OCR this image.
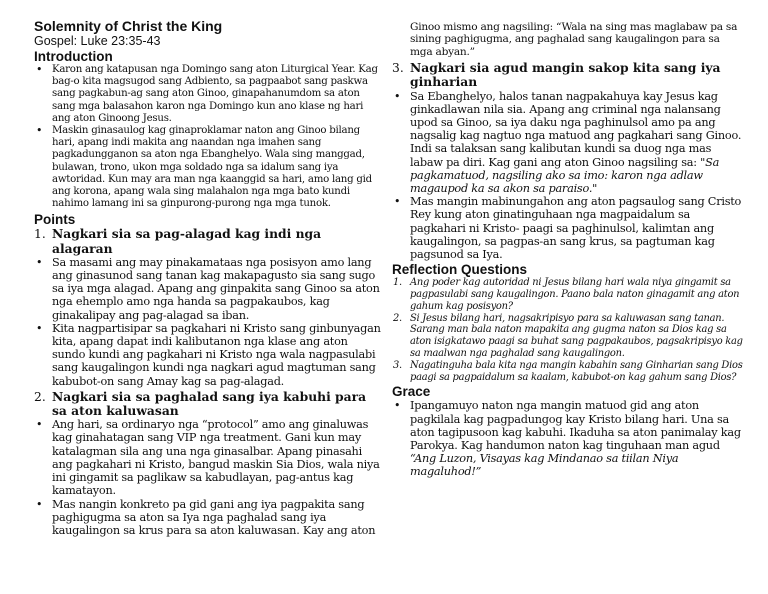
Solemnity of Christ the King

Gospel: Luke 23:35-43

Introduction

• Karon ang katapusan nga Domingo sang aton Liturgical Year. Kag bag-o kita magsugod sang Adbiento, sa pagpaabot sang paskwa sang pagkabun-ag sang aton Ginoo, ginapahanumdom sa aton sang mga balasahon karon nga Domingo kun ano klase ng hari ang aton Ginoong Jesus.
• Maskin ginasaulog kag ginaproklamar naton ang Ginoo bilang hari, apang indi makita ang naandan nga imahen sang pagkadungganon sa aton nga Ebanghelyo. Wala sing manggad, bulawan, trono, ukon mga soldado nga sa idalum sang iya awtoridad. Kun may ara man nga kaanggid sa hari, amo lang gid ang korona, apang wala sing malahalon nga mga bato kundi nahimo lamang ini sa ginpurong-purong nga mga tunok.

Points

1. Nagkari sia sa pag-alagad kag indi nga alagaran
• Sa masami ang may pinakamataas nga posisyon amo lang ang ginasunod sang tanan kag makapagusto sia sang sugo sa iya mga alagad. Apang ang ginpakita sang Ginoo sa aton nga ehemplo amo nga handa sa pagpakaubos, kag ginakalipay ang pag-alagad sa iban.
• Kita nagpartisipar sa pagkahari ni Kristo sang ginbunyagan kita, apang dapat indi kalibutanon nga klase ang aton sundo kundi ang pagkahari ni Kristo nga wala nagpasulabi sang kaugalingon kundi nga nagkari agud magtuman sang kabubot-on sang Amay kag sa pag-alagad.
2. Nagkari sia sa paghalad sang iya kabuhi para sa aton kaluwasan
• Ang hari, sa ordinaryo nga “protocol” amo ang ginaluwas kag ginahatagan sang VIP nga treatment. Gani kun may katalagman sila ang una nga ginasalbar. Apang pinasahi ang pagkahari ni Kristo, bangud maskin Sia Dios, wala niya ini gingamit sa paglikaw sa kabudlayan, pag-antus kag kamatayon.
• Mas nangin konkreto pa gid gani ang iya pagpakita sang paghigugma sa aton sa Iya nga paghalad sang iya kaugalingon sa krus para sa aton kaluwasan. Kay ang aton

Ginoo mismo ang nagsiling: “Wala na sing mas maglabaw pa sa sining paghigugma, ang paghalad sang kaugalingon para sa mga abyan.”

3. Nagkari sia agud mangin sakop kita sang iya ginharian
• Sa Ebanghelyo, halos tanan nagpakahuya kay Jesus kag ginkadlawan nila sia. Apang ang criminal nga nalansang upod sa Ginoo, sa iya daku nga paghinulsol amo pa ang nagsalig kag nagtuo nga matuod ang pagkahari sang Ginoo. Indi sa talaksan sang kalibutan kundi sa duog nga mas labaw pa diri. Kag gani ang aton Ginoo nagsiling sa: "Sa pagkamatuod, nagsiling ako sa imo: karon nga adlaw magaupod ka sa akon sa paraiso."
• Mas mangin mabinungahon ang aton pagsaulog sang Cristo Rey kung aton ginatinguhaan nga magpaidalum sa pagkahari ni Kristo- paagi sa paghinulsol, kalimtan ang kaugalingon, sa pagpas-an sang krus, sa pagtuman kag pagsunod sa Iya.

Reflection Questions

1. Ang poder kag autoridad ni Jesus bilang hari wala niya gingamit sa pagpasulabi sang kaugalingon. Paano bala naton ginagamit ang aton gahum kag posisyon?
2. Si Jesus bilang hari, nagsakripisyo para sa kaluwasan sang tanan. Sarang man bala naton mapakita ang gugma naton sa Dios kag sa aton isigkatawo paagi sa buhat sang pagpakaubos, pagsakripisyo kag sa maalwan nga paghalad sang kaugalingon.
3. Nagatinguha bala kita nga mangin kabahin sang Ginharian sang Dios paagi sa pagpaidalum sa kaalam, kabubot-on kag gahum sang Dios?

Grace

• Ipangamuyo naton nga mangin matuod gid ang aton pagkilala kag pagpadungog kay Kristo bilang hari. Una sa aton tagipusoon kag kabuhi. Ikaduha sa aton panimalay kag Parokya. Kag handumon naton kag tinguhaan man agud “Ang Luzon, Visayas kag Mindanao sa tiilan Niya magaluhod!”
